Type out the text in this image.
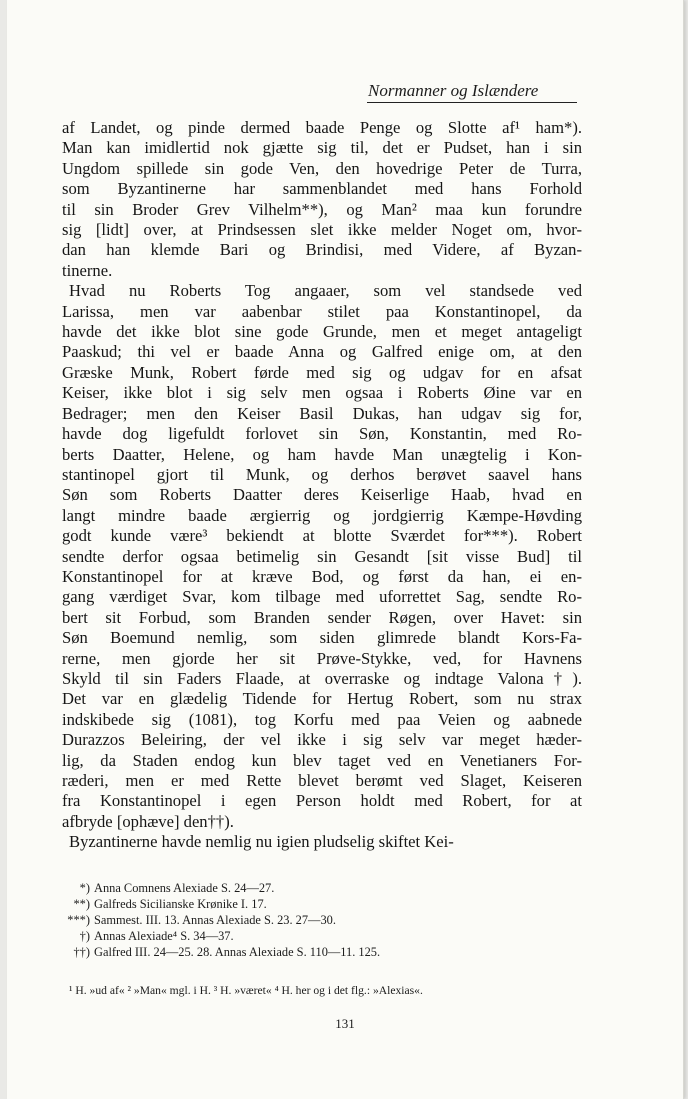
Normanner og Islændere
af Landet, og pinde dermed baade Penge og Slotte af¹ ham*).
Man kan imidlertid nok gjætte sig til, det er Pudset, han i sin
Ungdom spillede sin gode Ven, den hovedrige Peter de Turra,
som Byzantinerne har sammenblandet med hans Forhold
til sin Broder Grev Vilhelm**), og Man² maa kun forundre
sig [lidt] over, at Prindsessen slet ikke melder Noget om, hvor-
dan han klemde Bari og Brindisi, med Videre, af Byzan-
tinerne.
Hvad nu Roberts Tog angaaer, som vel standsede ved
Larissa, men var aabenbar stilet paa Konstantinopel, da
havde det ikke blot sine gode Grunde, men et meget antageligt
Paaskud; thi vel er baade Anna og Galfred enige om, at den
Græske Munk, Robert førde med sig og udgav for en afsat
Keiser, ikke blot i sig selv men ogsaa i Roberts Øine var en
Bedrager; men den Keiser Basil Dukas, han udgav sig for,
havde dog ligefuldt forlovet sin Søn, Konstantin, med Ro-
berts Daatter, Helene, og ham havde Man unægtelig i Kon-
stantinopel gjort til Munk, og derhos berøvet saavel hans
Søn som Roberts Daatter deres Keiserlige Haab, hvad en
langt mindre baade ærgierrig og jordgierrig Kæmpe-Høvding
godt kunde være³ bekiendt at blotte Sværdet for***). Robert
sendte derfor ogsaa betimelig sin Gesandt [sit visse Bud] til
Konstantinopel for at kræve Bod, og først da han, ei en-
gang værdiget Svar, kom tilbage med uforrettet Sag, sendte Ro-
bert sit Forbud, som Branden sender Røgen, over Havet: sin
Søn Boemund nemlig, som siden glimrede blandt Kors-Fa-
rerne, men gjorde her sit Prøve-Stykke, ved, for Havnens
Skyld til sin Faders Flaade, at overraske og indtage Valona†).
Det var en glædelig Tidende for Hertug Robert, som nu strax
indskibede sig (1081), tog Korfu med paa Veien og aabnede
Durazzos Beleiring, der vel ikke i sig selv var meget hæder-
lig, da Staden endog kun blev taget ved en Venetianers For-
ræderi, men er med Rette blevet berømt ved Slaget, Keiseren
fra Konstantinopel i egen Person holdt med Robert, for at
afbryde [ophæve] den††).
Byzantinerne havde nemlig nu igien pludselig skiftet Kei-
*) Anna Comnens Alexiade S. 24—27.
**) Galfreds Sicilianske Krønike I. 17.
***) Sammest. III. 13. Annas Alexiade S. 23. 27—30.
†) Annas Alexiade⁴ S. 34—37.
††) Galfred III. 24—25. 28. Annas Alexiade S. 110—11. 125.
¹ H. »ud af« ² »Man« mgl. i H. ³ H. »været« ⁴ H. her og i det flg.: »Alexias«.
131
